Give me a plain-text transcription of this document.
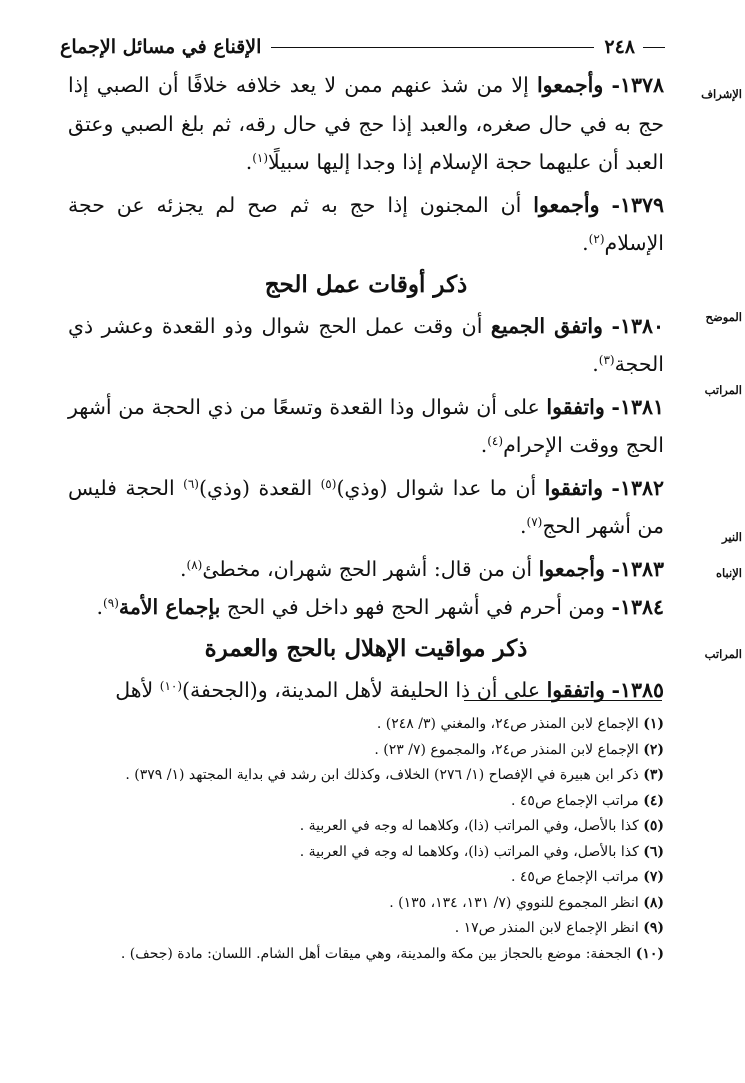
٢٤٨
الإقناع في مسائل الإجماع
الإشراف
الموضح
المراتب
النير
الإنباه
المراتب

١٣٧٨- وأجمعوا إلا من شذ عنهم ممن لا يعد خلافه خلافًا أن الصبي إذا حج به في حال صغره، والعبد إذا حج في حال رقه، ثم بلغ الصبي وعتق العبد أن عليهما حجة الإسلام إذا وجدا إليها سبيلًا$^{(١)}$.

١٣٧٩- وأجمعوا أن المجنون إذا حج به ثم صح لم يجزئه عن حجة الإسلام$^{(٢)}$.

ذكر أوقات عمل الحج

١٣٨٠- واتفق الجميع أن وقت عمل الحج شوال وذو القعدة وعشر ذي الحجة$^{(٣)}$.

١٣٨١- واتفقوا على أن شوال وذا القعدة وتسعًا من ذي الحجة من أشهر الحج ووقت الإحرام$^{(٤)}$.

١٣٨٢- واتفقوا أن ما عدا شوال (وذي)$^{(٥)}$ القعدة (وذي)$^{(٦)}$ الحجة فليس من أشهر الحج$^{(٧)}$.

١٣٨٣- وأجمعوا أن من قال: أشهر الحج شهران، مخطئ$^{(٨)}$.

١٣٨٤- ومن أحرم في أشهر الحج فهو داخل في الحج بإجماع الأمة$^{(٩)}$.

ذكر مواقيت الإهلال بالحج والعمرة

١٣٨٥- واتفقوا على أن ذا الحليفة لأهل المدينة، و(الجحفة)$^{(١٠)}$ لأهل

(١) الإجماع لابن المنذر ص٢٤، والمغني (٣/ ٢٤٨) .
(٢) الإجماع لابن المنذر ص٢٤، والمجموع (٧/ ٢٣) .
(٣) ذكر ابن هبيرة في الإفصاح (١/ ٢٧٦) الخلاف، وكذلك ابن رشد في بداية المجتهد (١/ ٣٧٩) .
(٤) مراتب الإجماع ص٤٥ .
(٥) كذا بالأصل، وفي المراتب (ذا)، وكلاهما له وجه في العربية .
(٦) كذا بالأصل، وفي المراتب (ذا)، وكلاهما له وجه في العربية .
(٧) مراتب الإجماع ص٤٥ .
(٨) انظر المجموع للنووي (٧/ ١٣١، ١٣٤، ١٣٥) .
(٩) انظر الإجماع لابن المنذر ص١٧ .
(١٠) الجحفة: موضع بالحجاز بين مكة والمدينة، وهي ميقات أهل الشام. اللسان: مادة (جحف) .
